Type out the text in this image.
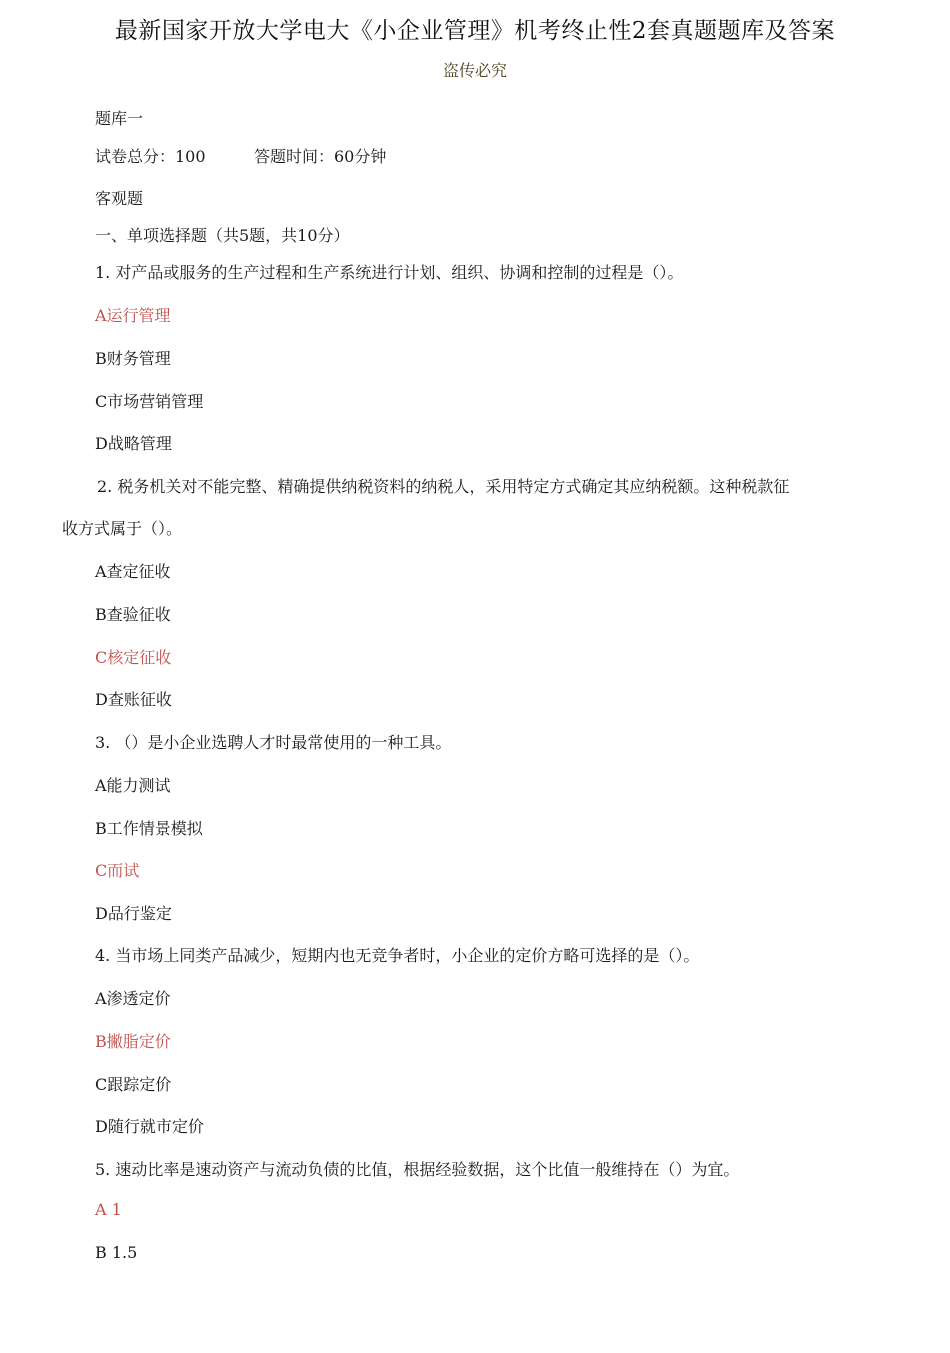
最新国家开放大学电大《小企业管理》机考终止性2套真题题库及答案
盗传必究
题库一
试卷总分：100	答题时间：60分钟
客观题
一、单项选择题（共5题，共10分）
1. 对产品或服务的生产过程和生产系统进行计划、组织、协调和控制的过程是（）。
A运行管理
B财务管理
C市场营销管理
D战略管理
2. 税务机关对不能完整、精确提供纳税资料的纳税人，采用特定方式确定其应纳税额。这种税款征
收方式属于（）。
A查定征收
B查验征收
C核定征收
D查账征收
3. （）是小企业选聘人才时最常使用的一种工具。
A能力测试
B工作情景模拟
C而试
D品行鉴定
4. 当市场上同类产品减少，短期内也无竞争者时，小企业的定价方略可选择的是（）。
A渗透定价
B撇脂定价
C跟踪定价
D随行就市定价
5. 速动比率是速动资产与流动负债的比值，根据经验数据，这个比值一般维持在（）为宜。
A 1
B 1.5
